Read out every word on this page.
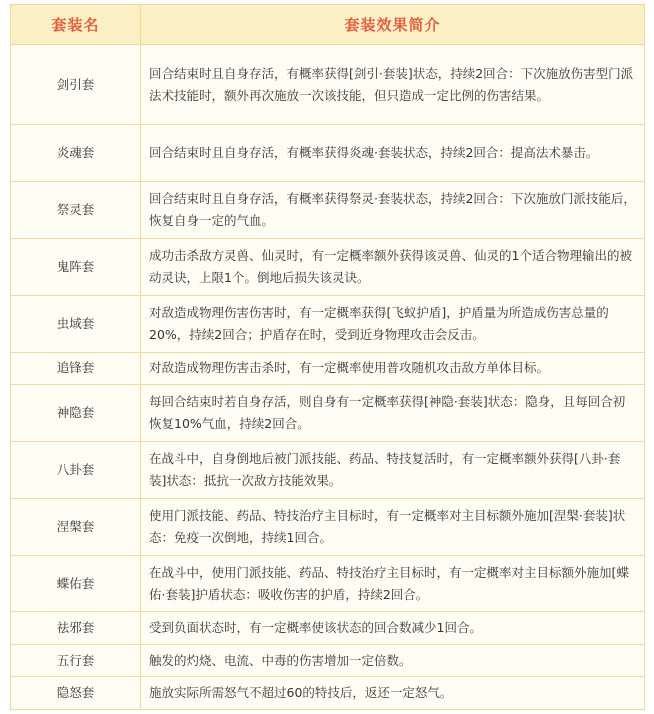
套装名	套装效果简介
剑引套	回合结束时且自身存活，有概率获得[剑引·套装]状态，持续2回合：下次施放伤害型门派法术技能时，额外再次施放一次该技能，但只造成一定比例的伤害结果。
炎魂套	回合结束时且自身存活，有概率获得炎魂·套装状态，持续2回合：提高法术暴击。
祭灵套	回合结束时且自身存活，有概率获得祭灵·套装状态，持续2回合：下次施放门派技能后，恢复自身一定的气血。
鬼阵套	成功击杀敌方灵兽、仙灵时，有一定概率额外获得该灵兽、仙灵的1个适合物理输出的被动灵诀，上限1个。倒地后损失该灵诀。
虫域套	对敌造成物理伤害伤害时，有一定概率获得[飞蚁护盾]，护盾量为所造成伤害总量的20%，持续2回合；护盾存在时，受到近身物理攻击会反击。
追锋套	对敌造成物理伤害击杀时，有一定概率使用普攻随机攻击敌方单体目标。
神隐套	每回合结束时若自身存活，则自身有一定概率获得[神隐·套装]状态：隐身，且每回合初恢复10%气血，持续2回合。
八卦套	在战斗中，自身倒地后被门派技能、药品、特技复活时，有一定概率额外获得[八卦·套装]状态：抵抗一次敌方技能效果。
涅槃套	使用门派技能、药品、特技治疗主目标时，有一定概率对主目标额外施加[涅槃·套装]状态：免疫一次倒地，持续1回合。
蝶佑套	在战斗中，使用门派技能、药品、特技治疗主目标时，有一定概率对主目标额外施加[蝶佑·套装]护盾状态：吸收伤害的护盾，持续2回合。
祛邪套	受到负面状态时，有一定概率使该状态的回合数减少1回合。
五行套	触发的灼烧、电流、中毒的伤害增加一定倍数。
隐怒套	施放实际所需怒气不超过60的特技后，返还一定怒气。
